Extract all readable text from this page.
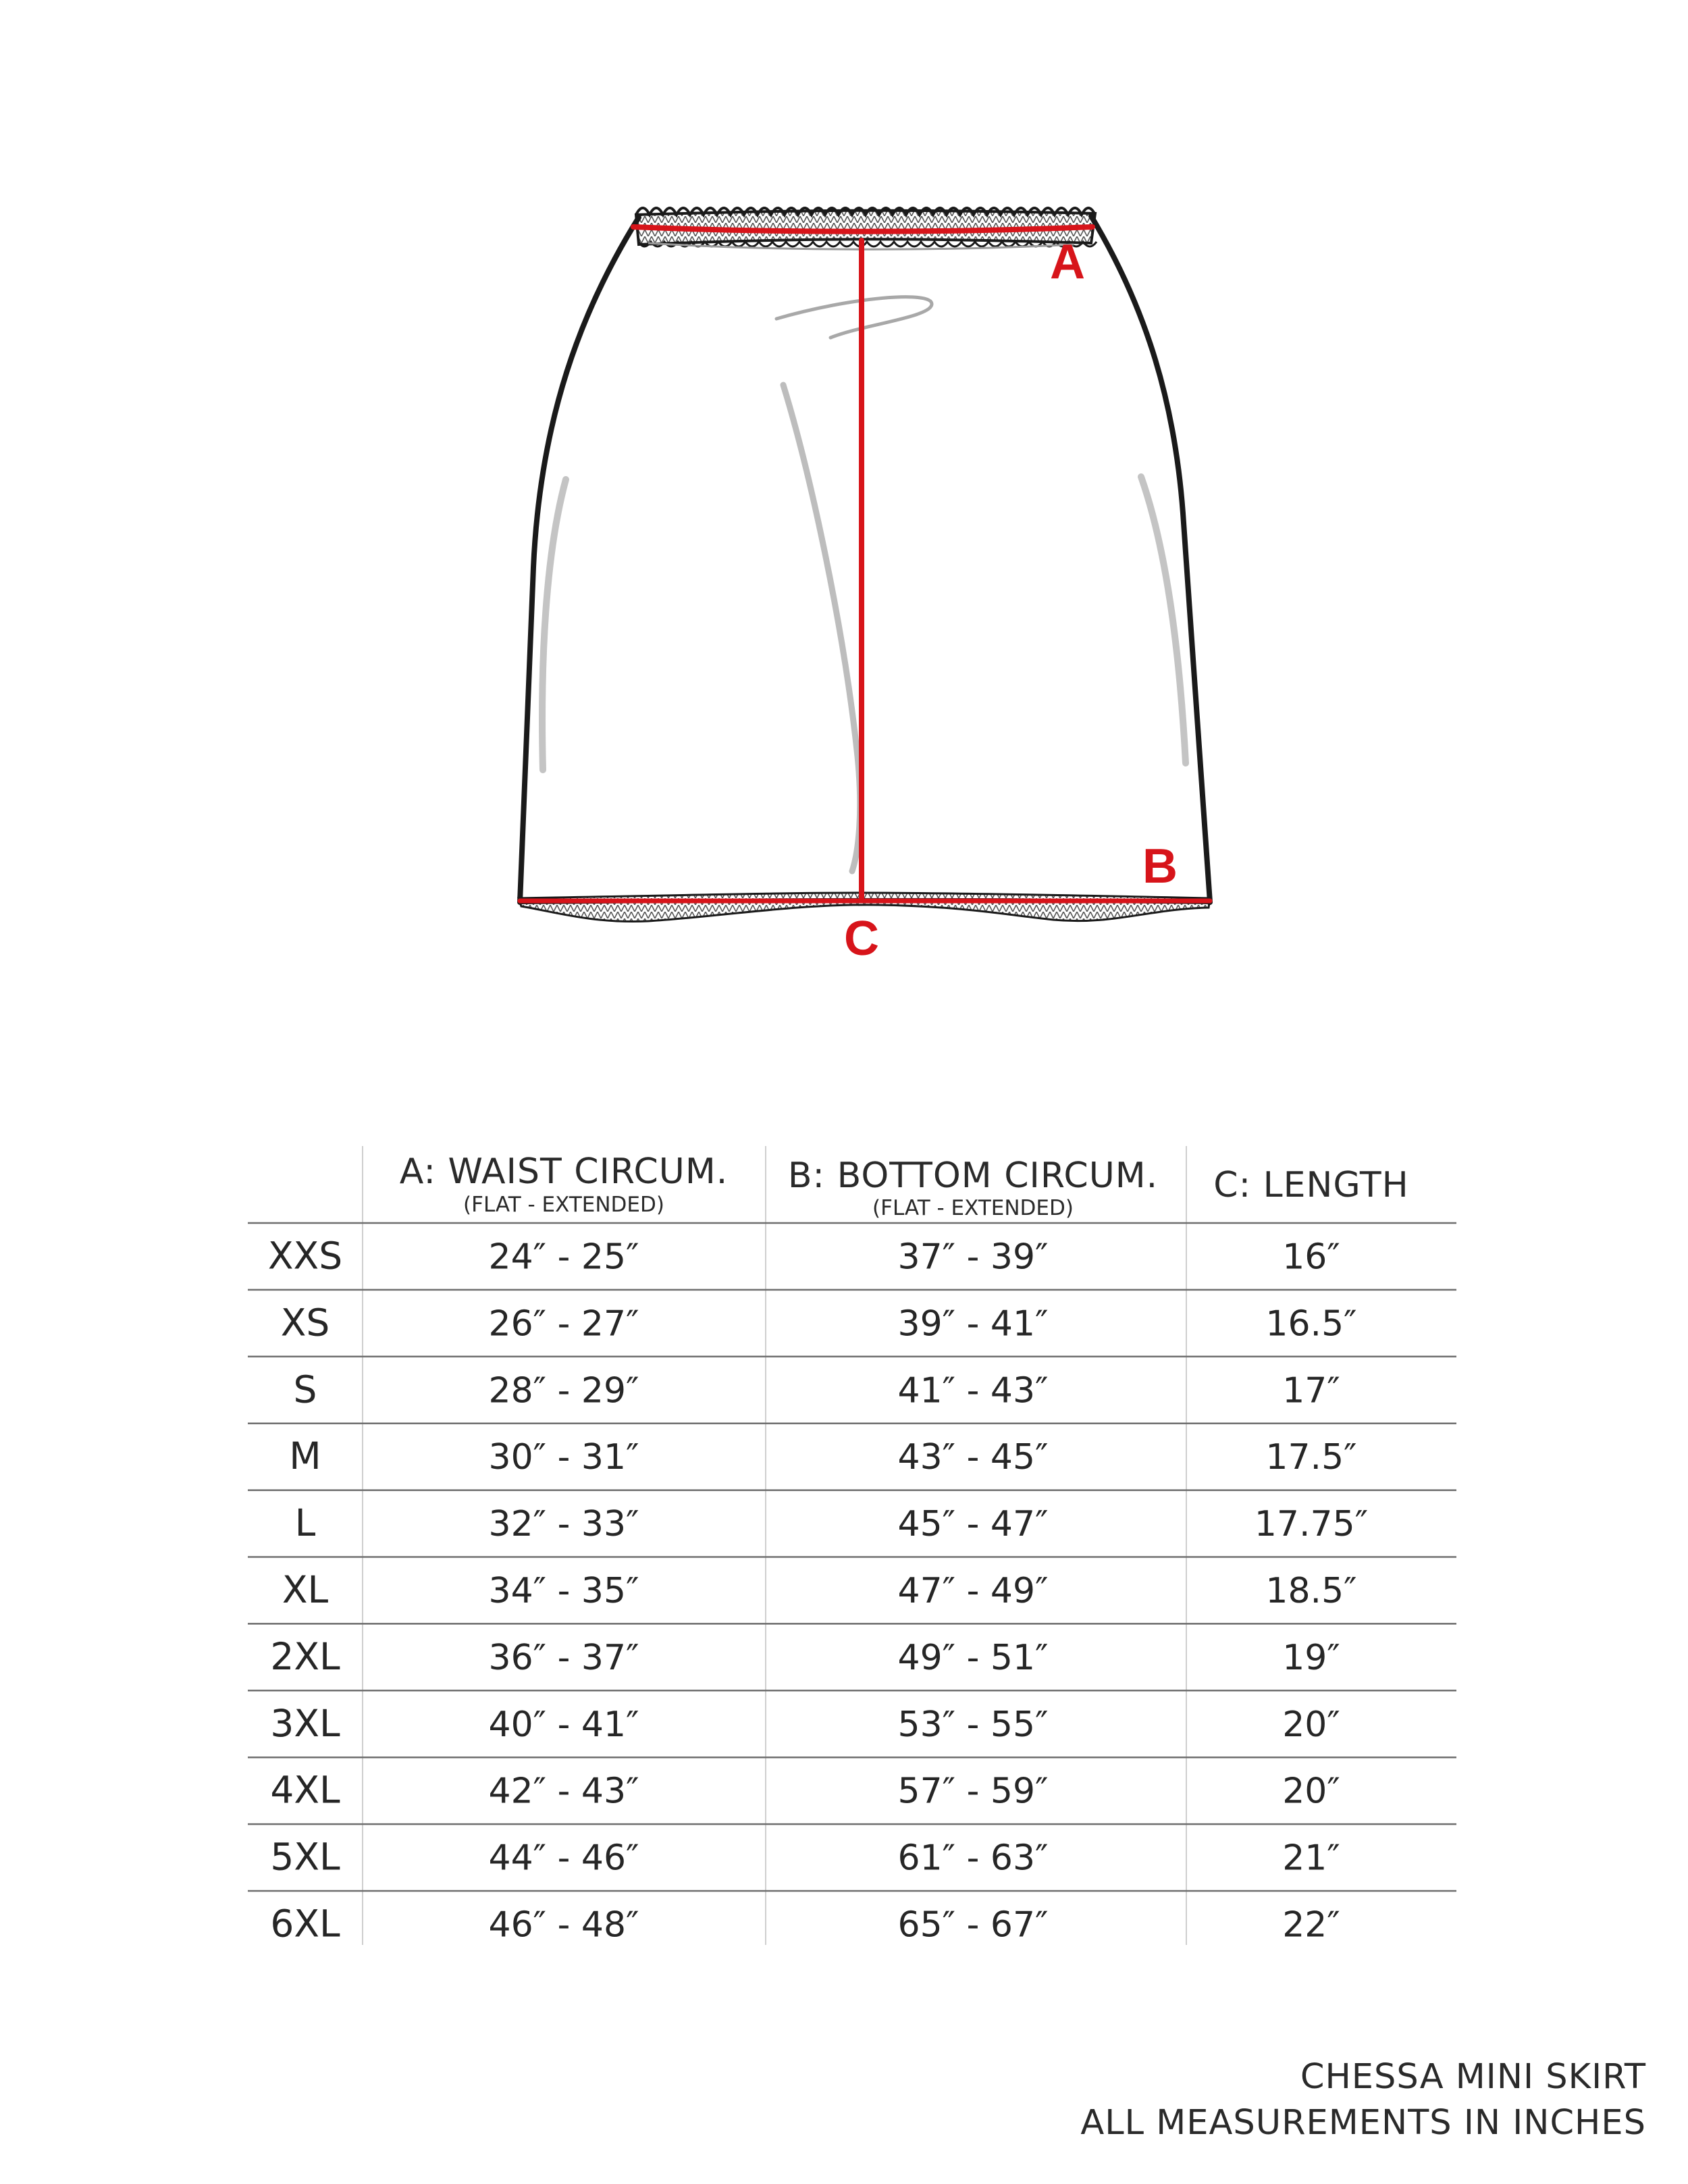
A
B
C
A: WAIST CIRCUM.
(FLAT - EXTENDED)
B: BOTTOM CIRCUM.
(FLAT - EXTENDED)
C: LENGTH
XXS	24″ - 25″	37″ - 39″	16″
XS	26″ - 27″	39″ - 41″	16.5″
S	28″ - 29″	41″ - 43″	17″
M	30″ - 31″	43″ - 45″	17.5″
L	32″ - 33″	45″ - 47″	17.75″
XL	34″ - 35″	47″ - 49″	18.5″
2XL	36″ - 37″	49″ - 51″	19″
3XL	40″ - 41″	53″ - 55″	20″
4XL	42″ - 43″	57″ - 59″	20″
5XL	44″ - 46″	61″ - 63″	21″
6XL	46″ - 48″	65″ - 67″	22″
CHESSA MINI SKIRT
ALL MEASUREMENTS IN INCHES
